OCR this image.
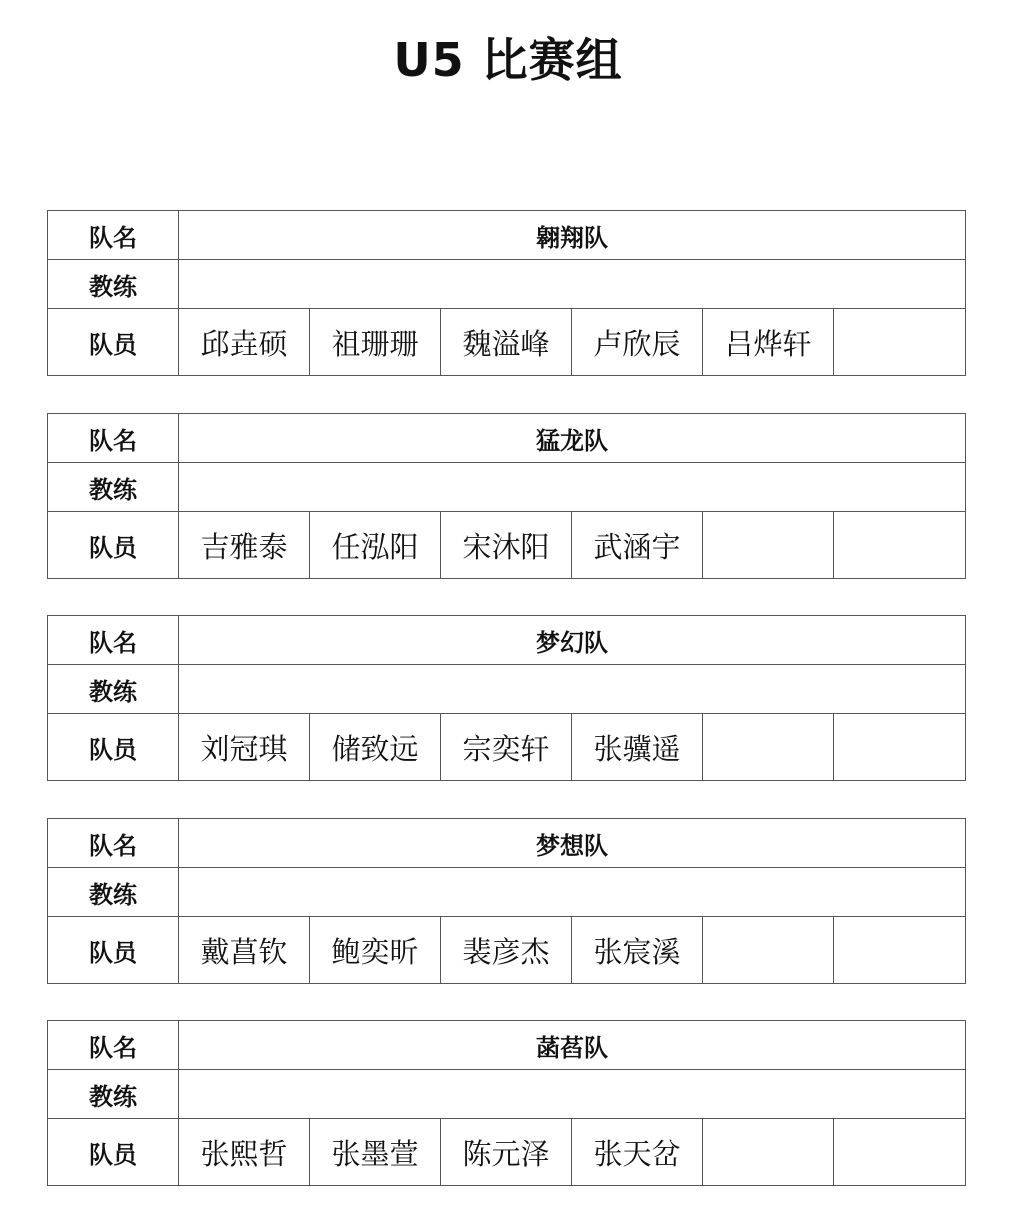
U5 比赛组
队名	翱翔队					
教练						
队员	邱垚硕	祖珊珊	魏溢峰	卢欣辰	吕烨轩	
队名	猛龙队					
教练						
队员	吉雅泰	任泓阳	宋沐阳	武涵宇		
队名	梦幻队					
教练						
队员	刘冠琪	储致远	宗奕轩	张骥遥		
队名	梦想队					
教练						
队员	戴菖钦	鲍奕昕	裴彦杰	张宸溪		
队名	菡萏队					
教练						
队员	张熙哲	张墨萱	陈元泽	张天岔		
